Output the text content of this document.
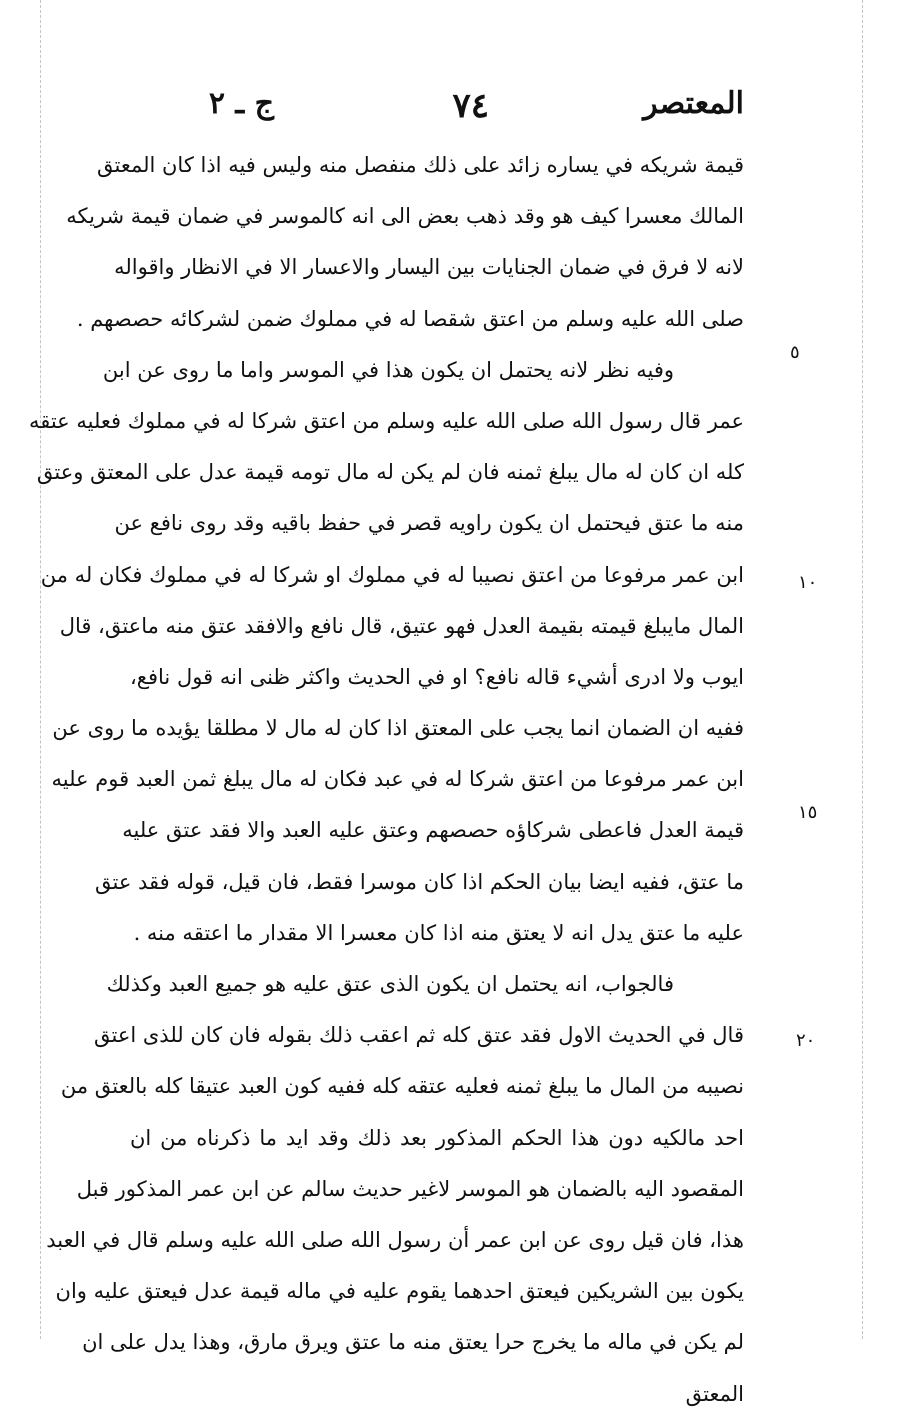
المعتصر
٧٤
ج ـ ٢
قيمة شريكه في يساره زائد على ذلك منفصل منه وليس فيه اذا كان المعتق
المالك معسرا كيف هو وقد ذهب بعض الى انه كالموسر في ضمان قيمة شريكه
لانه لا فرق في ضمان الجنايات بين اليسار والاعسار الا في الانظار واقواله
صلى الله عليه وسلم من اعتق شقصا له في مملوك ضمن لشركائه حصصهم .
وفيه نظر لانه يحتمل ان يكون هذا في الموسر واما ما روى عن ابن
عمر قال رسول الله صلى الله عليه وسلم من اعتق شركا له في مملوك فعليه عتقه
كله ان كان له مال يبلغ ثمنه فان لم يكن له مال تومه قيمة عدل على المعتق وعتق
منه ما عتق فيحتمل ان يكون راويه قصر في حفظ باقيه وقد روى نافع عن
ابن عمر مرفوعا من اعتق نصيبا له في مملوك او شركا له في مملوك فكان له من
المال مايبلغ قيمته بقيمة العدل فهو عتيق، قال نافع والافقد عتق منه ماعتق، قال
ايوب ولا ادرى أشيء قاله نافع؟ او في الحديث واكثر ظنى انه قول نافع،
ففيه ان الضمان انما يجب على المعتق اذا كان له مال لا مطلقا يؤيده ما روى عن
ابن عمر مرفوعا من اعتق شركا له في عبد فكان له مال يبلغ ثمن العبد قوم عليه
قيمة العدل فاعطى شركاؤه حصصهم وعتق عليه العبد والا فقد عتق عليه
ما عتق، ففيه ايضا بيان الحكم اذا كان موسرا فقط، فان قيل، قوله فقد عتق
عليه ما عتق يدل انه لا يعتق منه اذا كان معسرا الا مقدار ما اعتقه منه .
فالجواب، انه يحتمل ان يكون الذى عتق عليه هو جميع العبد وكذلك
قال في الحديث الاول فقد عتق كله ثم اعقب ذلك بقوله فان كان للذى اعتق
نصيبه من المال ما يبلغ ثمنه فعليه عتقه كله ففيه كون العبد عتيقا كله بالعتق من
احد مالكيه دون هذا الحكم المذكور بعد ذلك وقد ايد ما ذكرناه من ان
المقصود اليه بالضمان هو الموسر لاغير حديث سالم عن ابن عمر المذكور قبل
هذا، فان قيل روى عن ابن عمر أن رسول الله صلى الله عليه وسلم قال في العبد
يكون بين الشريكين فيعتق احدهما يقوم عليه في ماله قيمة عدل فيعتق عليه وان
لم يكن في ماله ما يخرج حرا يعتق منه ما عتق ويرق مارق، وهذا يدل على ان
المعتق
٥
١٠
١٥
٢٠
